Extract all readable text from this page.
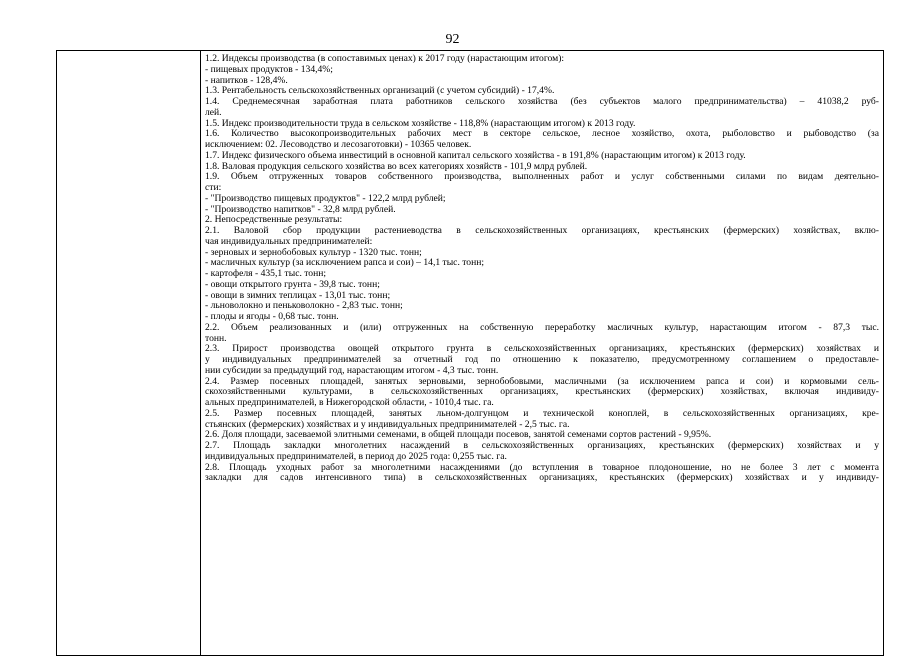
92

1.2. Индексы производства (в сопоставимых ценах) к 2017 году (нарастающим итогом):
- пищевых продуктов - 134,4%;
- напитков - 128,4%.
1.3. Рентабельность сельскохозяйственных организаций (с учетом субсидий) - 17,4%.
1.4. Среднемесячная заработная плата работников сельского хозяйства (без субъектов малого предпринимательства) – 41038,2 руб-
лей.
1.5. Индекс производительности труда в сельском хозяйстве - 118,8% (нарастающим итогом) к 2013 году.
1.6. Количество высокопроизводительных рабочих мест в секторе сельское, лесное хозяйство, охота, рыболовство и рыбоводство (за
исключением: 02. Лесоводство и лесозаготовки) - 10365 человек.
1.7. Индекс физического объема инвестиций в основной капитал сельского хозяйства - в 191,8% (нарастающим итогом) к 2013 году.
1.8. Валовая продукция сельского хозяйства во всех категориях хозяйств - 101,9 млрд рублей.
1.9. Объем отгруженных товаров собственного производства, выполненных работ и услуг собственными силами по видам деятельно-
сти:
- "Производство пищевых продуктов" - 122,2 млрд рублей;
- "Производство напитков" - 32,8 млрд рублей.
2. Непосредственные результаты:
2.1. Валовой сбор продукции растениеводства в сельскохозяйственных организациях, крестьянских (фермерских) хозяйствах, вклю-
чая индивидуальных предпринимателей:
- зерновых и зернобобовых культур - 1320 тыс. тонн;
- масличных культур (за исключением рапса и сои) – 14,1 тыс. тонн;
- картофеля - 435,1 тыс. тонн;
- овощи открытого грунта - 39,8 тыс. тонн;
- овощи в зимних теплицах - 13,01 тыс. тонн;
- льноволокно и пеньковолокно - 2,83 тыс. тонн;
- плоды и ягоды - 0,68 тыс. тонн.
2.2. Объем реализованных и (или) отгруженных на собственную переработку масличных культур, нарастающим итогом - 87,3 тыс.
тонн.
2.3. Прирост производства овощей открытого грунта в сельскохозяйственных организациях, крестьянских (фермерских) хозяйствах и
у индивидуальных предпринимателей за отчетный год по отношению к показателю, предусмотренному соглашением о предоставле-
нии субсидии за предыдущий год, нарастающим итогом - 4,3 тыс. тонн.
2.4. Размер посевных площадей, занятых зерновыми, зернобобовыми, масличными (за исключением рапса и сои) и кормовыми сель-
скохозяйственными культурами, в сельскохозяйственных организациях, крестьянских (фермерских) хозяйствах, включая индивиду-
альных предпринимателей, в Нижегородской области, - 1010,4 тыс. га.
2.5. Размер посевных площадей, занятых льном-долгунцом и технической коноплей, в сельскохозяйственных организациях, кре-
стьянских (фермерских) хозяйствах и у индивидуальных предпринимателей - 2,5 тыс. га.
2.6. Доля площади, засеваемой элитными семенами, в общей площади посевов, занятой семенами сортов растений - 9,95%.
2.7. Площадь закладки многолетних насаждений в сельскохозяйственных организациях, крестьянских (фермерских) хозяйствах и у
индивидуальных предпринимателей, в период до 2025 года: 0,255 тыс. га.
2.8. Площадь уходных работ за многолетними насаждениями (до вступления в товарное плодоношение, но не более 3 лет с момента
закладки для садов интенсивного типа) в сельскохозяйственных организациях, крестьянских (фермерских) хозяйствах и у индивиду-
